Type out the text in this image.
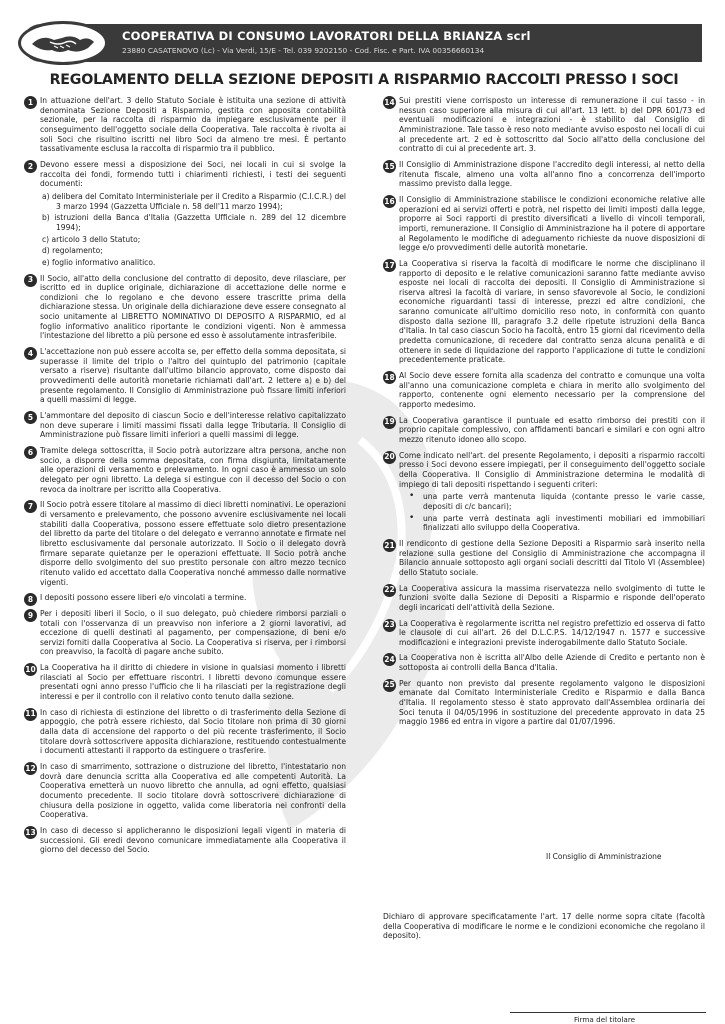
COOPERATIVA DI CONSUMO LAVORATORI DELLA BRIANZA scrl
23880 CASATENOVO (Lc) - Via Verdi, 15/E - Tel. 039 9202150 - Cod. Fisc. e Part. IVA 00356660134
REGOLAMENTO DELLA SEZIONE DEPOSITI A RISPARMIO RACCOLTI PRESSO I SOCI
1 In attuazione dell'art. 3 dello Statuto Sociale è istituita una sezione di attività denominata Sezione Depositi a Risparmio, gestita con apposita contabilità sezionale, per la raccolta di risparmio da impiegare esclusivamente per il conseguimento dell'oggetto sociale della Cooperativa. Tale raccolta è rivolta ai soli Soci che risultino iscritti nel libro Soci da almeno tre mesi. È pertanto tassativamente esclusa la raccolta di risparmio tra il pubblico.

2 Devono essere messi a disposizione dei Soci, nei locali in cui si svolge la raccolta dei fondi, formendo tutti i chiarimenti richiesti, i testi dei seguenti documenti:

a) delibera del Comitato Interministeriale per il Credito a Risparmio (C.I.C.R.) del 3 marzo 1994 (Gazzetta Ufficiale n. 58 dell'11 marzo 1994);
b) istruzioni della Banca d'Italia (Gazzetta Ufficiale n. 289 del 12 dicembre 1994);
c) articolo 3 dello Statuto;
d) regolamento;
e) foglio informativo analitico.
3 Il Socio, all'atto della conclusione del contratto di deposito, deve rilasciare, per iscritto ed in duplice originale, dichiarazione di accettazione delle norme e condizioni che lo regolano e che devono essere trascritte prima della dichiarazione stessa. Un originale della dichiarazione deve essere consegnato al socio unitamente al LIBRETTO NOMINATIVO DI DEPOSITO A RISPARMIO, ed al foglio informativo analitico riportante le condizioni vigenti. Non è ammessa l'intestazione del libretto a più persone ed esso è assolutamente intrasferibile.

4 L'accettazione non può essere accolta se, per effetto della somma depositata, si superasse il limite del triplo o l'altro del quintuplo del patrimonio (capitale versato a riserve) risultante dall'ultimo bilancio approvato, come disposto dai provvedimenti delle autorità monetarie richiamati dall'art. 2 lettere a) e b) del presente regolamento. Il Consiglio di Amministrazione può fissare limiti inferiori a quelli massimi di legge.

5 L'ammontare del deposito di ciascun Socio e dell'interesse relativo capitalizzato non deve superare i limiti massimi fissati dalla legge Tributaria. Il Consiglio di Amministrazione può fissare limiti inferiori a quelli massimi di legge.

6 Tramite delega sottoscritta, il Socio potrà autorizzare altra persona, anche non socio, a disporre della somma depositata, con firma disgiunta, limitatamente alle operazioni di versamento e prelevamento. In ogni caso è ammesso un solo delegato per ogni libretto. La delega si estingue con il decesso del Socio o con revoca da inoltrare per iscritto alla Cooperativa.

7 Il Socio potrà essere titolare al massimo di dieci libretti nominativi. Le operazioni di versamento e prelevamento, che possono avvenire esclusivamente nei locali stabiliti dalla Cooperativa, possono essere effettuate solo dietro presentazione del libretto da parte del titolare o del delegato e verranno annotate e firmate nel libretto esclusivamente dal personale autorizzato. Il Socio o il delegato dovrà firmare separate quietanze per le operazioni effettuate. Il Socio potrà anche disporre dello svolgimento del suo prestito personale con altro mezzo tecnico ritenuto valido ed accettato dalla Cooperativa nonché ammesso dalle normative vigenti.

8 I depositi possono essere liberi e/o vincolati a termine.

9 Per i depositi liberi il Socio, o il suo delegato, può chiedere rimborsi parziali o totali con l'osservanza di un preavviso non inferiore a 2 giorni lavorativi, ad eccezione di quelli destinati al pagamento, per compensazione, di beni e/o servizi forniti dalla Cooperativa al Socio. La Cooperativa si riserva, per i rimborsi con preavviso, la facoltà di pagare anche subito.

10 La Cooperativa ha il diritto di chiedere in visione in qualsiasi momento i libretti rilasciati al Socio per effettuare riscontri. I libretti devono comunque essere presentati ogni anno presso l'ufficio che li ha rilasciati per la registrazione degli interessi e per il controllo con il relativo conto tenuto dalla sezione.

11 In caso di richiesta di estinzione del libretto o di trasferimento della Sezione di appoggio, che potrà essere richiesto, dal Socio titolare non prima di 30 giorni dalla data di accensione del rapporto o del più recente trasferimento, il Socio titolare dovrà sottoscrivere apposita dichiarazione, restituendo contestualmente i documenti attestanti il rapporto da estinguere o trasferire.

12 In caso di smarrimento, sottrazione o distruzione del libretto, l'intestatario non dovrà dare denuncia scritta alla Cooperativa ed alle competenti Autorità. La Cooperativa emetterà un nuovo libretto che annulla, ad ogni effetto, qualsiasi documento precedente. Il socio titolare dovrà sottoscrivere dichiarazione di chiusura della posizione in oggetto, valida come liberatoria nei confronti della Cooperativa.

13 In caso di decesso si applicheranno le disposizioni legali vigenti in materia di successioni. Gli eredi devono comunicare immediatamente alla Cooperativa il giorno del decesso del Socio.

14 Sui prestiti viene corrisposto un interesse di remunerazione il cui tasso - in nessun caso superiore alla misura di cui all'art. 13 lett. b) del DPR 601/73 ed eventuali modificazioni e integrazioni - è stabilito dal Consiglio di Amministrazione. Tale tasso è reso noto mediante avviso esposto nei locali di cui al precedente art. 2 ed è sottoscritto dal Socio all'atto della conclusione del contratto di cui al precedente art. 3.

15 Il Consiglio di Amministrazione dispone l'accredito degli interessi, al netto della ritenuta fiscale, almeno una volta all'anno fino a concorrenza dell'importo massimo previsto dalla legge.

16 Il Consiglio di Amministrazione stabilisce le condizioni economiche relative alle operazioni ed ai servizi offerti e potrà, nel rispetto dei limiti imposti dalla legge, proporre ai Soci rapporti di prestito diversificati a livello di vincoli temporali, importi, remunerazione. Il Consiglio di Amministrazione ha il potere di apportare al Regolamento le modifiche di adeguamento richieste da nuove disposizioni di legge e/o provvedimenti delle autorità monetarie.

17 La Cooperativa si riserva la facoltà di modificare le norme che disciplinano il rapporto di deposito e le relative comunicazioni saranno fatte mediante avviso esposte nei locali di raccolta dei depositi. Il Consiglio di Amministrazione si riserva altresì la facoltà di variare, in senso sfavorevole al Socio, le condizioni economiche riguardanti tassi di interesse, prezzi ed altre condizioni, che saranno comunicate all'ultimo domicilio reso noto, in conformità con quanto disposto dalla sezione III, paragrafo 3.2 delle ripetute istruzioni della Banca d'Italia. In tal caso ciascun Socio ha facoltà, entro 15 giorni dal ricevimento della predetta comunicazione, di recedere dal contratto senza alcuna penalità e di ottenere in sede di liquidazione del rapporto l'applicazione di tutte le condizioni precedentemente praticate.

18 Al Socio deve essere fornita alla scadenza del contratto e comunque una volta all'anno una comunicazione completa e chiara in merito allo svolgimento del rapporto, contenente ogni elemento necessario per la comprensione del rapporto medesimo.

19 La Cooperativa garantisce il puntuale ed esatto rimborso dei prestiti con il proprio capitale complessivo, con affidamenti bancari e similari e con ogni altro mezzo ritenuto idoneo allo scopo.

20 Come indicato nell'art. del presente Regolamento, i depositi a risparmio raccolti presso i Soci devono essere impiegati, per il conseguimento dell'oggetto sociale della Cooperativa. Il Consiglio di Amministrazione determina le modalità di impiego di tali depositi rispettando i seguenti criteri:

• una parte verrà mantenuta liquida (contante presso le varie casse, depositi di c/c bancari);
• una parte verrà destinata agli investimenti mobiliari ed immobiliari finalizzati allo sviluppo della Cooperativa.
21 Il rendiconto di gestione della Sezione Depositi a Risparmio sarà inserito nella relazione sulla gestione del Consiglio di Amministrazione che accompagna il Bilancio annuale sottoposto agli organi sociali descritti dal Titolo VI (Assemblee) dello Statuto sociale.

22 La Cooperativa assicura la massima riservatezza nello svolgimento di tutte le funzioni svolte dalla Sezione di Depositi a Risparmio e risponde dell'operato degli incaricati dell'attività della Sezione.

23 La Cooperativa è regolarmente iscritta nel registro prefettizio ed osserva di fatto le clausole di cui all'art. 26 del D.L.C.P.S. 14/12/1947 n. 1577 e successive modificazioni e integrazioni previste inderogabilmente dallo Statuto Sociale.

24 La Cooperativa non è iscritta all'Albo delle Aziende di Credito e pertanto non è sottoposta ai controlli della Banca d'Italia.

25 Per quanto non previsto dal presente regolamento valgono le disposizioni emanate dal Comitato Interministeriale Credito e Risparmio e dalla Banca d'Italia. Il regolamento stesso è stato approvato dall'Assemblea ordinaria dei Soci tenuta il 04/05/1996 in sostituzione del precedente approvato in data 25 maggio 1986 ed entra in vigore a partire dal 01/07/1996.

Il Consiglio di Amministrazione
Dichiaro di approvare specificatamente l'art. 17 delle norme sopra citate (facoltà della Cooperativa di modificare le norme e le condizioni economiche che regolano il deposito).
Firma del titolare
